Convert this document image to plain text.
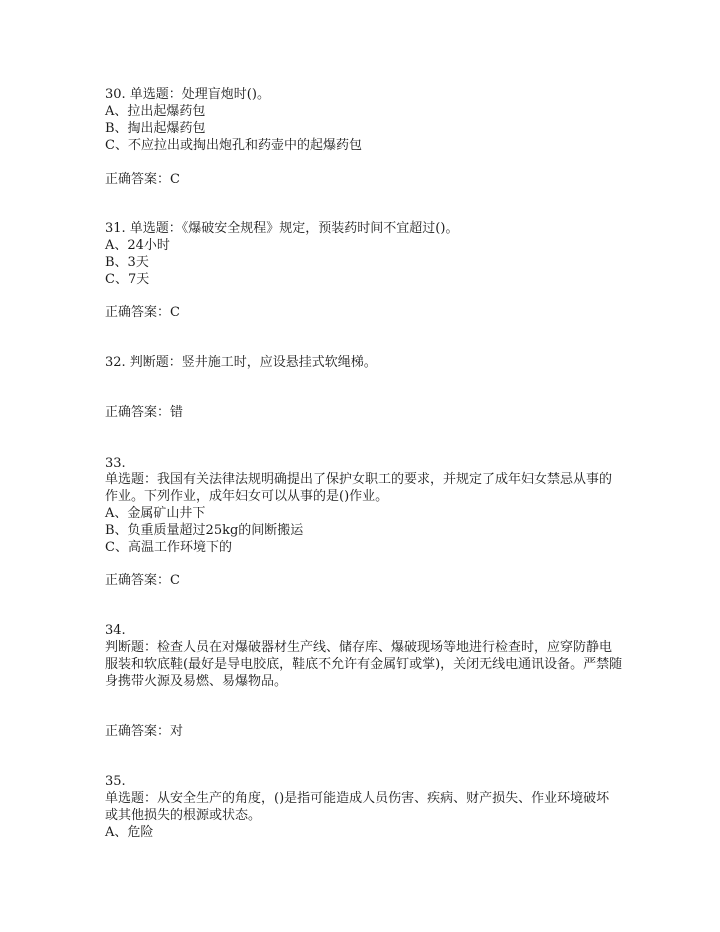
30. 单选题：处理盲炮时()。
A、拉出起爆药包
B、掏出起爆药包
C、不应拉出或掏出炮孔和药壶中的起爆药包
正确答案：C
31. 单选题：《爆破安全规程》规定，预装药时间不宜超过()。
A、24小时
B、3天
C、7天
正确答案：C
32. 判断题：竖井施工时，应设悬挂式软绳梯。
正确答案：错
33.
单选题：我国有关法律法规明确提出了保护女职工的要求，并规定了成年妇女禁忌从事的
作业。下列作业，成年妇女可以从事的是()作业。
A、金属矿山井下
B、负重质量超过25kg的间断搬运
C、高温工作环境下的
正确答案：C
34.
判断题：检查人员在对爆破器材生产线、储存库、爆破现场等地进行检查时，应穿防静电
服装和软底鞋(最好是导电胶底，鞋底不允许有金属钉或掌)，关闭无线电通讯设备。严禁随
身携带火源及易燃、易爆物品。
正确答案：对
35.
单选题：从安全生产的角度，()是指可能造成人员伤害、疾病、财产损失、作业环境破坏
或其他损失的根源或状态。
A、危险
